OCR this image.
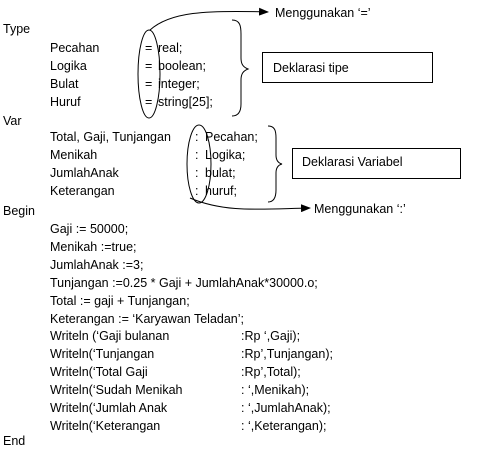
Type
Var
Begin
End
Pecahan	= real;
Logika	= boolean;
Bulat	= integer;
Huruf	= string[25];
Total, Gaji, Tunjangan : Pecahan;
Menikah	: Logika;
JumlahAnak	: bulat;
Keterangan	: huruf;
Gaji := 50000;
Menikah :=true;
JumlahAnak :=3;
Tunjangan :=0.25 * Gaji + JumlahAnak*30000.o;
Total := gaji + Tunjangan;
Keterangan := ‘Karyawan Teladan’;
Writeln (‘Gaji bulanan	:Rp ‘,Gaji);
Writeln(‘Tunjangan	:Rp’,Tunjangan);
Writeln(‘Total Gaji	:Rp’,Total);
Writeln(‘Sudah Menikah	: ‘,Menikah);
Writeln(‘Jumlah Anak	: ‘,JumlahAnak);
Writeln(‘Keterangan	: ‘,Keterangan);
Menggunakan ‘=’
Menggunakan ‘:’
Deklarasi tipe
Deklarasi Variabel
